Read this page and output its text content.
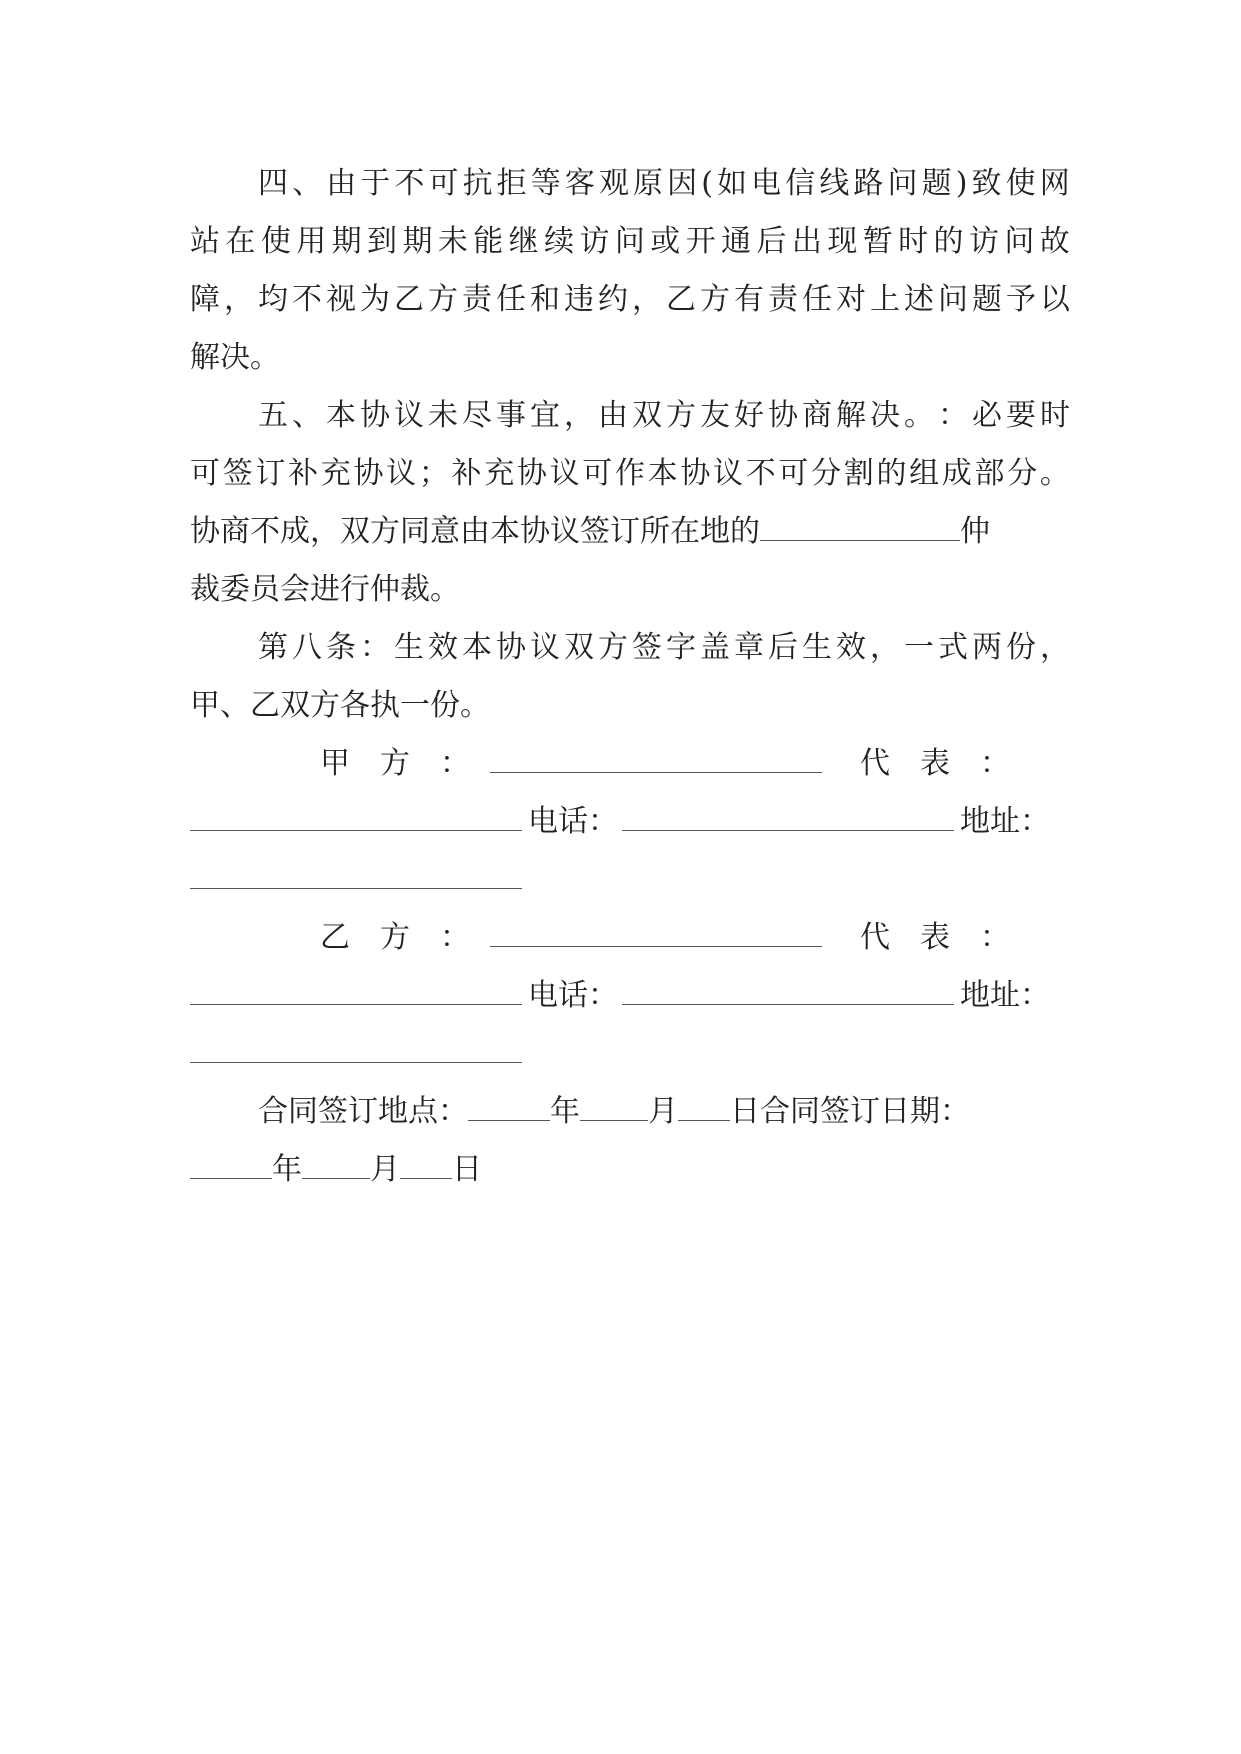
四 、 由 于 不 可 抗 拒 等 客 观 原 因 ( 如 电 信 线 路 问 题 ) 致 使 网
站 在 使 用 期 到 期 未 能 继 续 访 问 或 开 通 后 出 现 暂 时 的 访 问 故
障 ， 均 不 视 为 乙 方 责 任 和 违 约 ， 乙 方 有 责 任 对 上 述 问 题 予 以
解决。
五 、 本 协 议 未 尽 事 宜 ， 由 双 方 友 好 协 商 解 决 。 ： 必 要 时
可 签 订 补 充 协 议 ； 补 充 协 议 可 作 本 协 议 不 可 分 割 的 组 成 部 分 。
协商不成，双方同意由本协议签订所在地的	仲
裁委员会进行仲裁。
第 八 条 ： 生 效 本 协 议 双 方 签 字 盖 章 后 生 效 ， 一 式 两 份 ，
甲、乙双方各执一份。
甲　方　：	代　表　：
电话：	地址：
乙　方　：	代　表　：
电话：	地址：
合同签订地点：	年 月 日合同签订日期：
年 月 日
